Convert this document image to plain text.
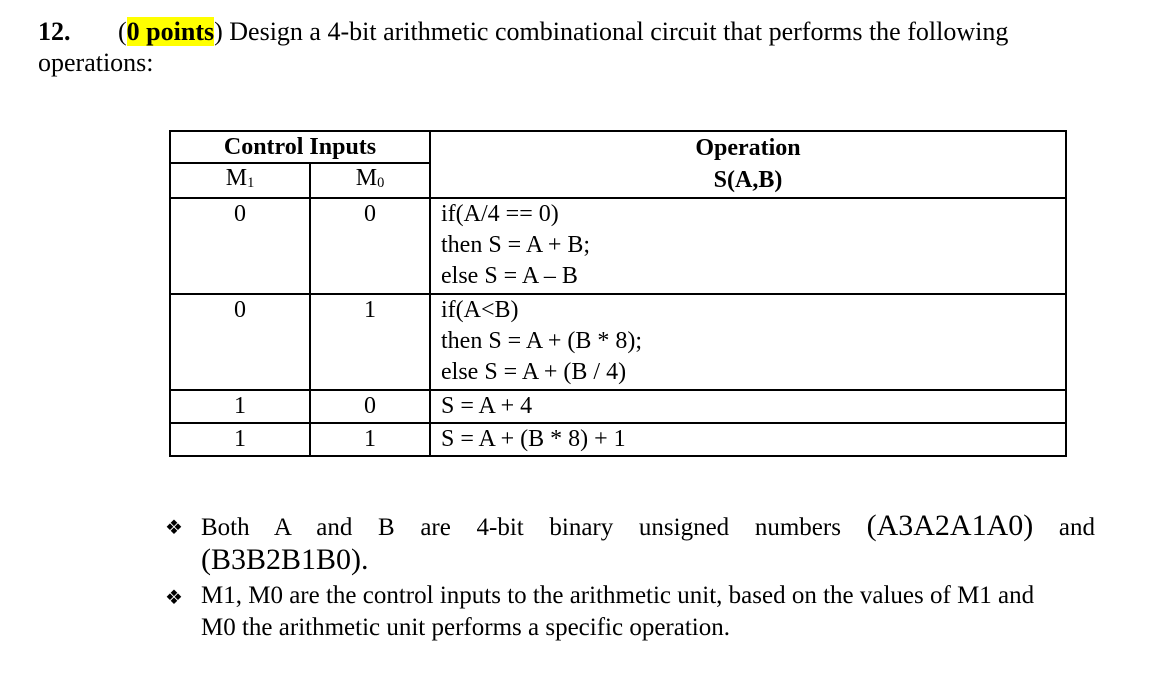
12. (0 points) Design a 4-bit arithmetic combinational circuit that performs the following
operations:
Control Inputs		Operation
M1	M0	S(A,B)
0	0	if(A/4 == 0)
then S = A + B;
else S = A – B

0	1	if(A<B)
then S = A + (B * 8);
else S = A + (B / 4)

1	0	S = A + 4

1	1	S = A + (B * 8) + 1
❖ Both A and B are 4-bit binary unsigned numbers (A3A2A1A0) and
(B3B2B1B0).
❖ M1, M0 are the control inputs to the arithmetic unit, based on the values of M1 and
M0 the arithmetic unit performs a specific operation.
